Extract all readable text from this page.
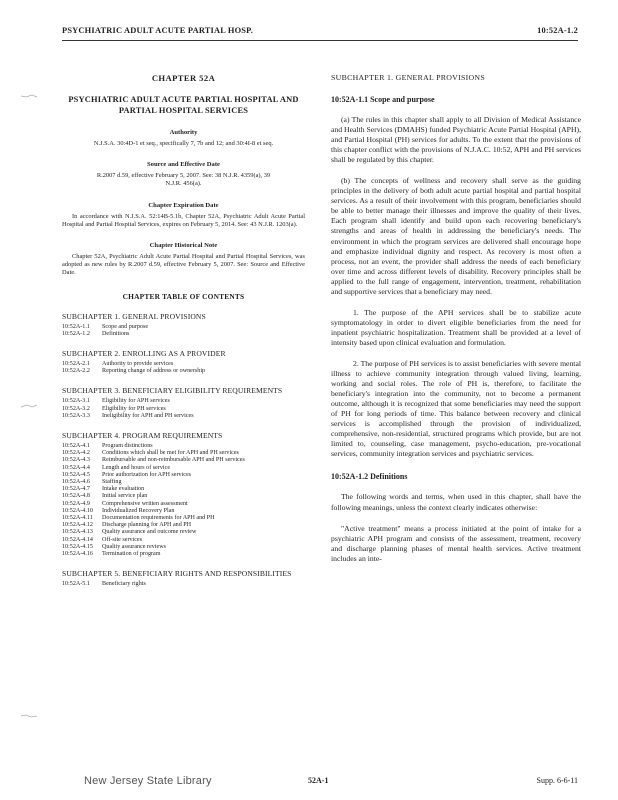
PSYCHIATRIC ADULT ACUTE PARTIAL HOSP.	10:52A-1.2
CHAPTER 52A
PSYCHIATRIC ADULT ACUTE PARTIAL HOSPITAL AND PARTIAL HOSPITAL SERVICES
Authority
N.J.S.A. 30:4D-1 et seq., specifically 7, 7b and 12; and 30:4I-8 et seq.
Source and Effective Date
R.2007 d.59, effective February 5, 2007. See: 38 N.J.R. 4359(a), 39 N.J.R. 456(a).
Chapter Expiration Date
In accordance with N.J.S.A. 52:14B-5.1b, Chapter 52A, Psychiatric Adult Acute Partial Hospital and Partial Hospital Services, expires on February 5, 2014. See: 43 N.J.R. 1203(a).
Chapter Historical Note
Chapter 52A, Psychiatric Adult Acute Partial Hospital and Partial Hospital Services, was adopted as new rules by R.2007 d.59, effective February 5, 2007. See: Source and Effective Date.
CHAPTER TABLE OF CONTENTS
SUBCHAPTER 1. GENERAL PROVISIONS
10:52A-1.1	Scope and purpose
10:52A-1.2	Definitions
SUBCHAPTER 2. ENROLLING AS A PROVIDER
10:52A-2.1	Authority to provide services
10:52A-2.2	Reporting change of address or ownership
SUBCHAPTER 3. BENEFICIARY ELIGIBILITY REQUIREMENTS
10:52A-3.1	Eligibility for APH services
10:52A-3.2	Eligibility for PH services
10:52A-3.3	Ineligibility for APH and PH services
SUBCHAPTER 4. PROGRAM REQUIREMENTS
10:52A-4.1	Program distinctions
10:52A-4.2	Conditions which shall be met for APH and PH services
10:52A-4.3	Reimbursable and non-reimbursable APH and PH services
10:52A-4.4	Length and hours of service
10:52A-4.5	Prior authorization for APH services
10:52A-4.6	Staffing
10:52A-4.7	Intake evaluation
10:52A-4.8	Initial service plan
10:52A-4.9	Comprehensive written assessment
10:52A-4.10	Individualized Recovery Plan
10:52A-4.11	Documentation requirements for APH and PH
10:52A-4.12	Discharge planning for APH and PH
10:52A-4.13	Quality assurance and outcome review
10:52A-4.14	Off-site services
10:52A-4.15	Quality assurance reviews
10:52A-4.16	Termination of program
SUBCHAPTER 5. BENEFICIARY RIGHTS AND RESPONSIBILITIES
10:52A-5.1	Beneficiary rights
SUBCHAPTER 1. GENERAL PROVISIONS
10:52A-1.1 Scope and purpose
(a) The rules in this chapter shall apply to all Division of Medical Assistance and Health Services (DMAHS) funded Psychiatric Acute Partial Hospital (APH), and Partial Hospital (PH) services for adults. To the extent that the provisions of this chapter conflict with the provisions of N.J.A.C. 10:52, APH and PH services shall be regulated by this chapter.
(b) The concepts of wellness and recovery shall serve as the guiding principles in the delivery of both adult acute partial hospital and partial hospital services. As a result of their involvement with this program, beneficiaries should be able to better manage their illnesses and improve the quality of their lives. Each program shall identify and build upon each recovering beneficiary's strengths and areas of health in addressing the beneficiary's needs. The environment in which the program services are delivered shall encourage hope and emphasize individual dignity and respect. As recovery is most often a process, not an event, the provider shall address the needs of each beneficiary over time and across different levels of disability. Recovery principles shall be applied to the full range of engagement, intervention, treatment, rehabilitation and supportive services that a beneficiary may need.
1. The purpose of the APH services shall be to stabilize acute symptomatology in order to divert eligible beneficiaries from the need for inpatient psychiatric hospitalization. Treatment shall be provided at a level of intensity based upon clinical evaluation and formulation.
2. The purpose of PH services is to assist beneficiaries with severe mental illness to achieve community integration through valued living, learning, working and social roles. The role of PH is, therefore, to facilitate the beneficiary's integration into the community, not to become a permanent outcome, although it is recognized that some beneficiaries may need the support of PH for long periods of time. This balance between recovery and clinical services is accomplished through the provision of individualized, comprehensive, non-residential, structured programs which provide, but are not limited to, counseling, case management, psycho-education, pre-vocational services, community integration services and psychiatric services.
10:52A-1.2 Definitions
The following words and terms, when used in this chapter, shall have the following meanings, unless the context clearly indicates otherwise:
"Active treatment" means a process initiated at the point of intake for a psychiatric APH program and consists of the assessment, treatment, recovery and discharge planning phases of mental health services. Active treatment includes an inte-
New Jersey State Library	52A-1	Supp. 6-6-11
